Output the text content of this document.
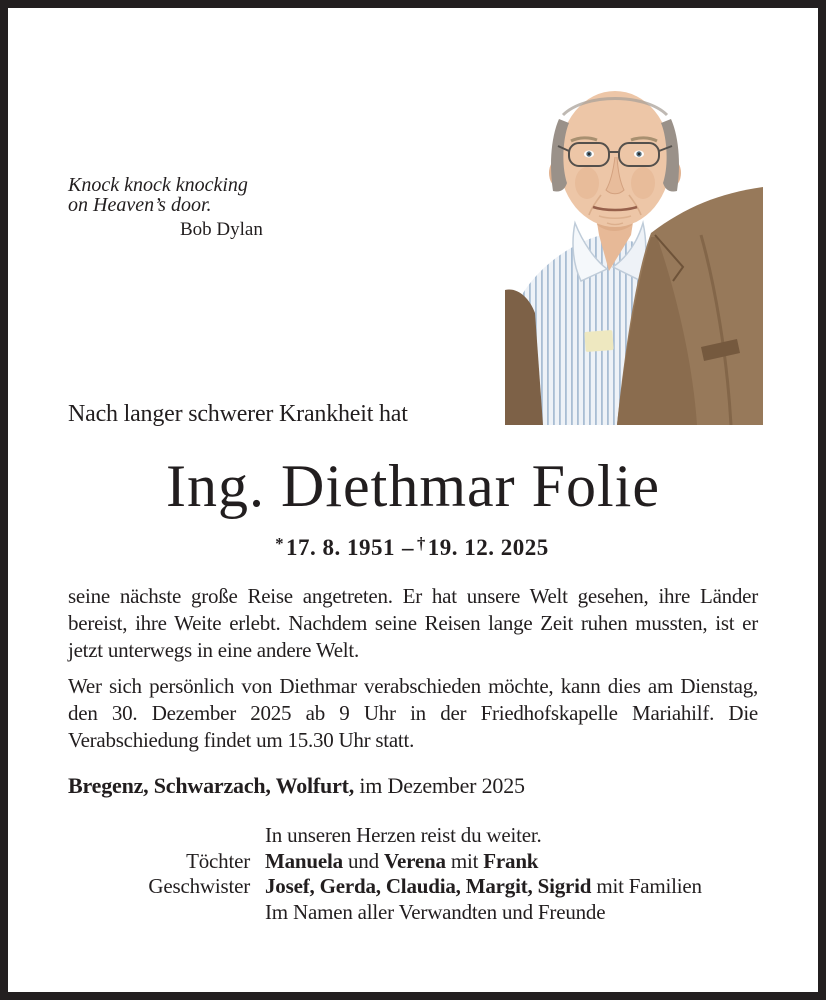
Knock knock knocking
on Heaven’s door.
Bob Dylan
Nach langer schwerer Krankheit hat
Ing. Diethmar Folie
*17. 8. 1951 – †19. 12. 2025
seine nächste große Reise angetreten. Er hat unsere Welt gesehen, ihre Länder bereist, ihre Weite erlebt. Nachdem seine Reisen lange Zeit ruhen mussten, ist er jetzt unterwegs in eine andere Welt.
Wer sich persönlich von Diethmar verabschieden möchte, kann dies am Dienstag, den 30. Dezember 2025 ab 9 Uhr in der Friedhofskapelle Mariahilf. Die Verabschiedung findet um 15.30 Uhr statt.
Bregenz, Schwarzach, Wolfurt, im Dezember 2025
In unseren Herzen reist du weiter.
Töchter Manuela und Verena mit Frank
Geschwister Josef, Gerda, Claudia, Margit, Sigrid mit Familien
Im Namen aller Verwandten und Freunde
